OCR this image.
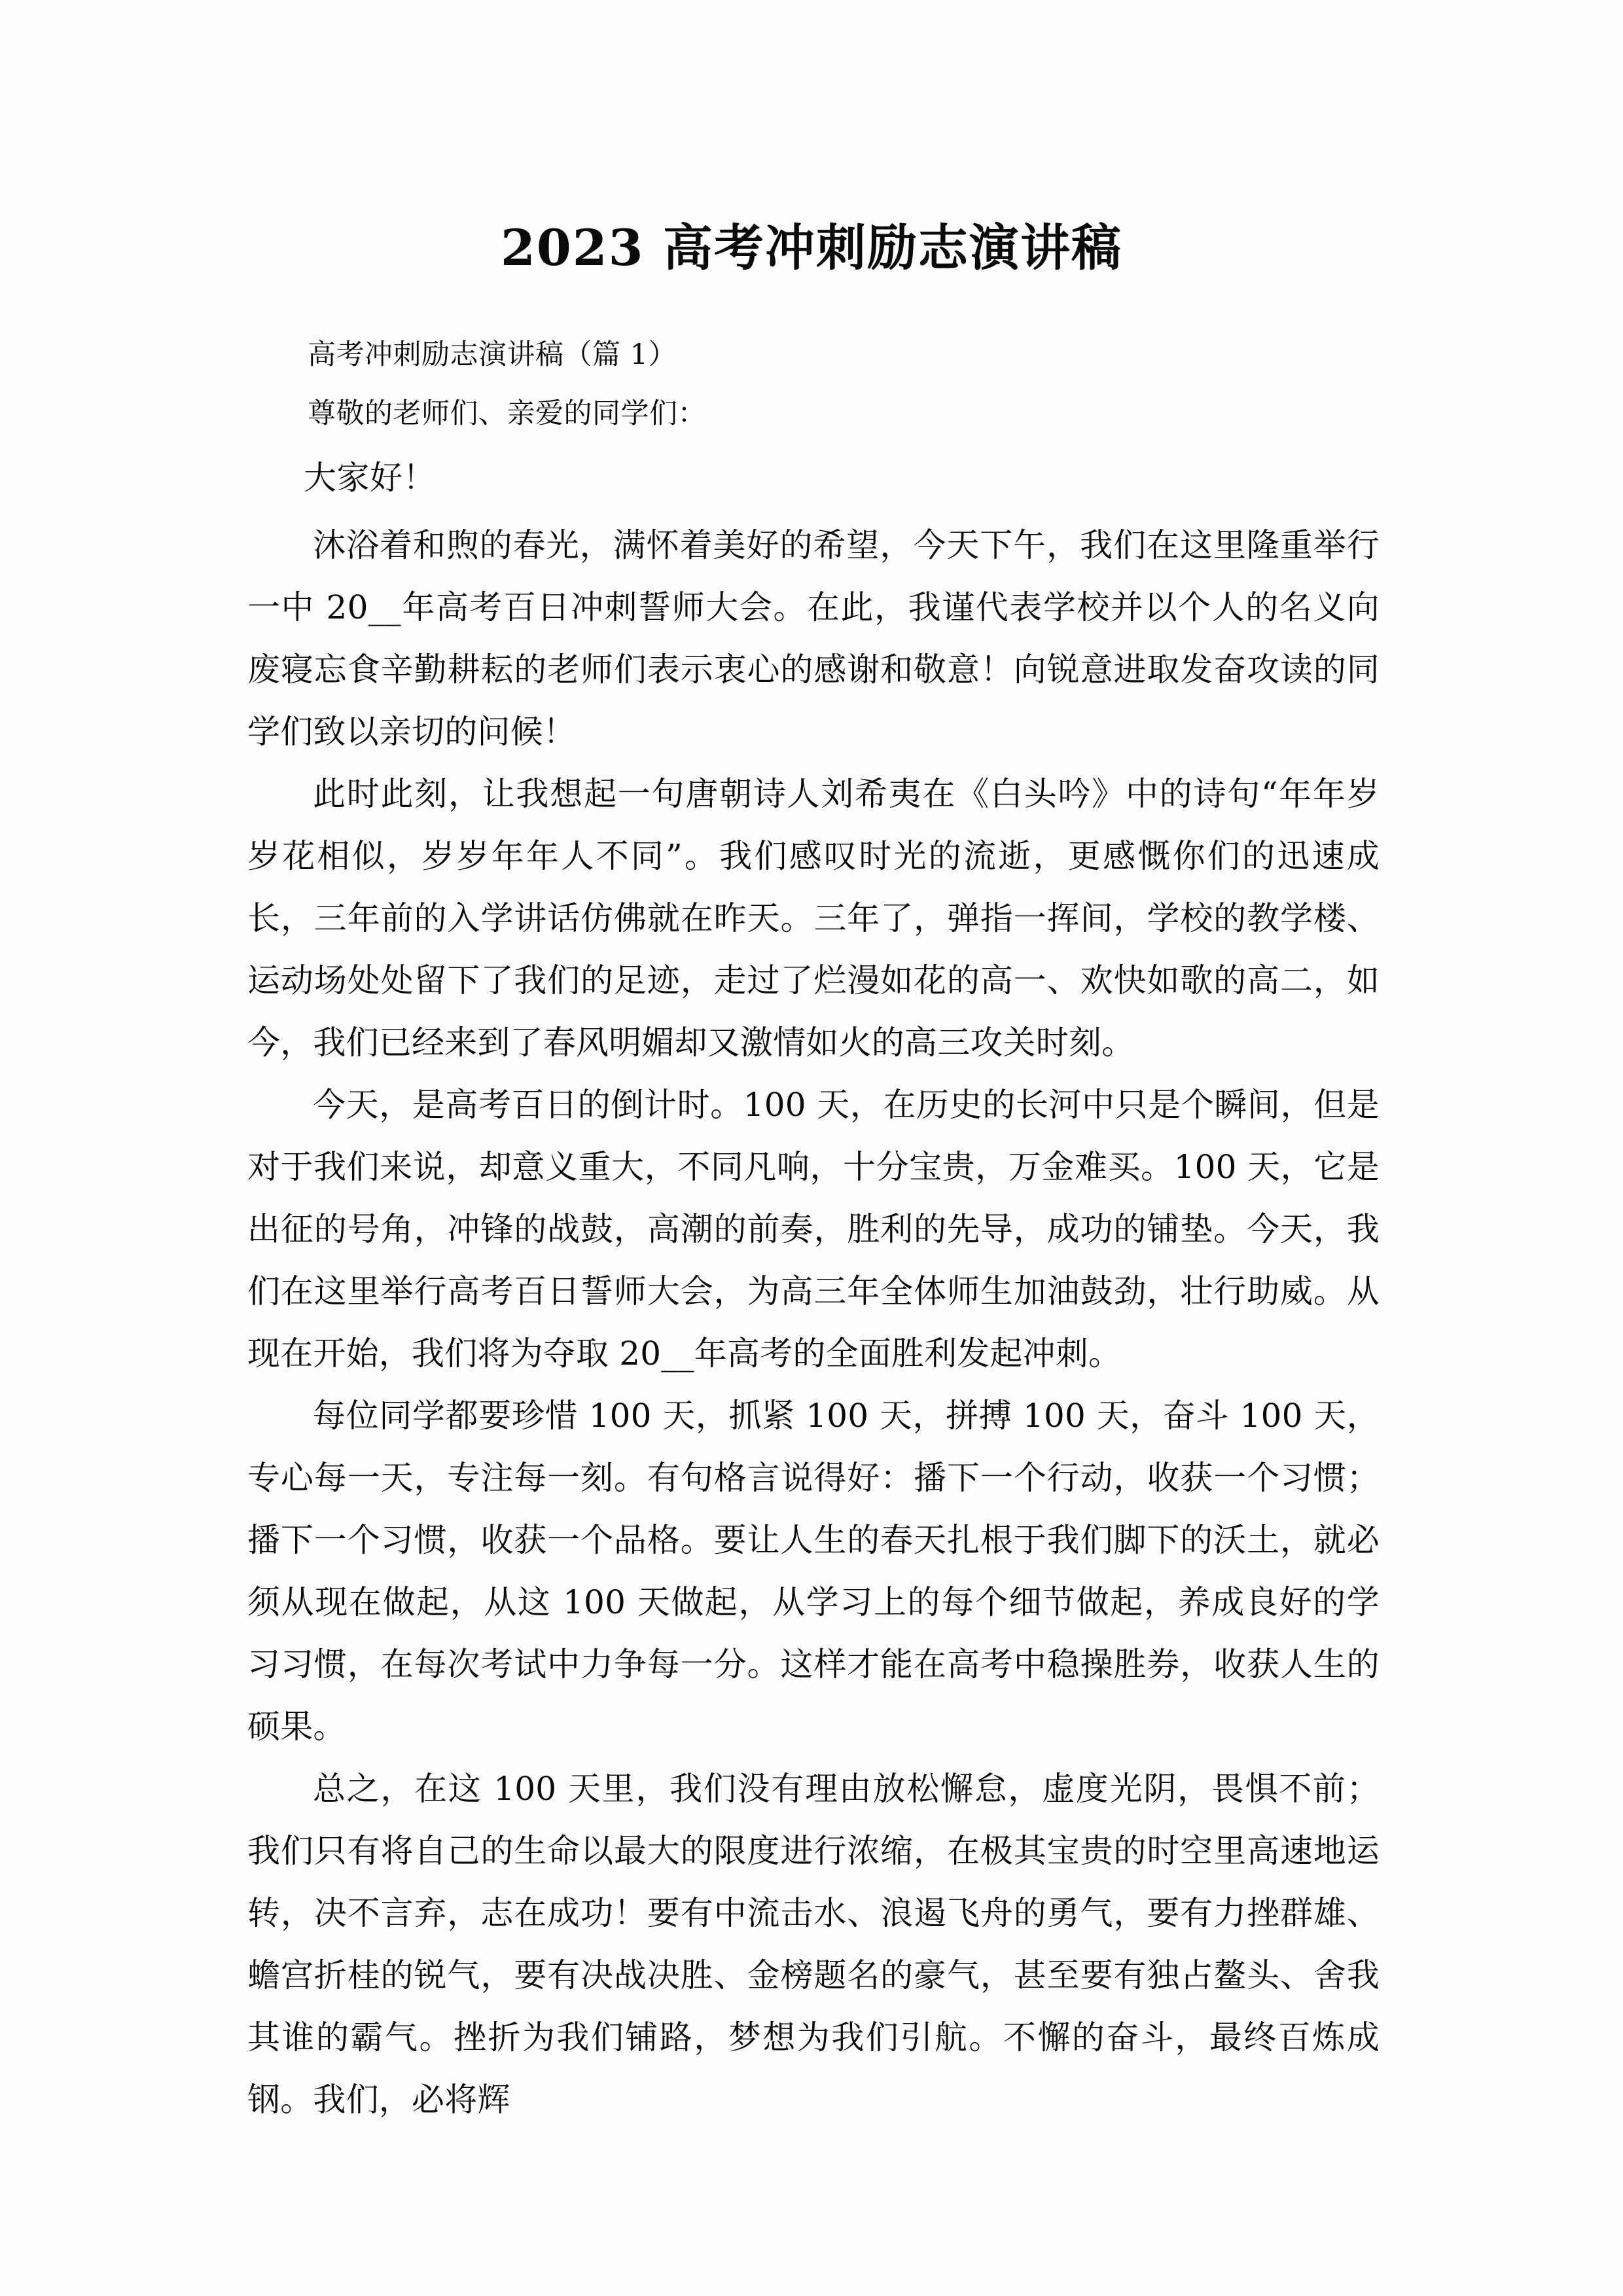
2023 高考冲刺励志演讲稿

高考冲刺励志演讲稿（篇 1）

尊敬的老师们、亲爱的同学们：

大家好！

沐浴着和煦的春光，满怀着美好的希望，今天下午，我们在这里隆重举行一中 20__年高考百日冲刺誓师大会。在此，我谨代表学校并以个人的名义向废寝忘食辛勤耕耘的老师们表示衷心的感谢和敬意！向锐意进取发奋攻读的同学们致以亲切的问候！

此时此刻，让我想起一句唐朝诗人刘希夷在《白头吟》中的诗句“年年岁岁花相似，岁岁年年人不同”。我们感叹时光的流逝，更感慨你们的迅速成长，三年前的入学讲话仿佛就在昨天。三年了，弹指一挥间，学校的教学楼、运动场处处留下了我们的足迹，走过了烂漫如花的高一、欢快如歌的高二，如今，我们已经来到了春风明媚却又激情如火的高三攻关时刻。

今天，是高考百日的倒计时。100 天，在历史的长河中只是个瞬间，但是对于我们来说，却意义重大，不同凡响，十分宝贵，万金难买。100 天，它是出征的号角，冲锋的战鼓，高潮的前奏，胜利的先导，成功的铺垫。今天，我们在这里举行高考百日誓师大会，为高三年全体师生加油鼓劲，壮行助威。从现在开始，我们将为夺取 20__年高考的全面胜利发起冲刺。

每位同学都要珍惜 100 天，抓紧 100 天，拼搏 100 天，奋斗 100 天，专心每一天，专注每一刻。有句格言说得好：播下一个行动，收获一个习惯；播下一个习惯，收获一个品格。要让人生的春天扎根于我们脚下的沃土，就必须从现在做起，从这 100 天做起，从学习上的每个细节做起，养成良好的学习习惯，在每次考试中力争每一分。这样才能在高考中稳操胜券，收获人生的硕果。

总之，在这 100 天里，我们没有理由放松懈怠，虚度光阴，畏惧不前；我们只有将自己的生命以最大的限度进行浓缩，在极其宝贵的时空里高速地运转，决不言弃，志在成功！要有中流击水、浪遏飞舟的勇气，要有力挫群雄、蟾宫折桂的锐气，要有决战决胜、金榜题名的豪气，甚至要有独占鳌头、舍我其谁的霸气。挫折为我们铺路，梦想为我们引航。不懈的奋斗，最终百炼成钢。我们，必将辉
